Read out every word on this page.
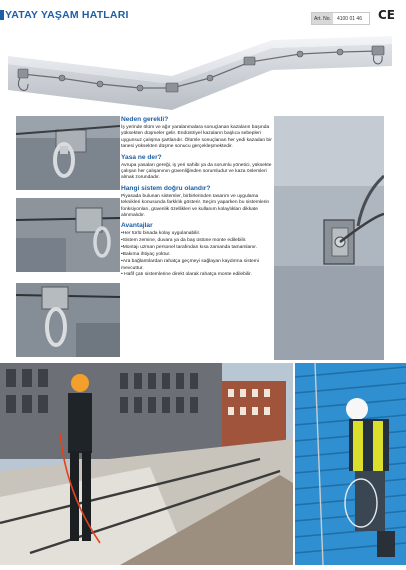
YATAY YAŞAM HATLARI	Art. No.	4100 01 46 CE
Neden gerekli?
İş yerinde ölüm ve ağır yaralanmalara sonuçlanan kazaların başında yüksekten düşmeler gelir. Endüstriyel kazaların başlıca sebepleri uygunsuz çalışma şartlarıdır. Ölümle sonuçlanan her yedi kazadan bir tanesi yüksekten düşme sonucu gerçekleşmektedir.
Yasa ne der?
Avrupa yasaları gereği, iş yeri sahibi ya da sorumlu yönetici, yüksekte çalışan her çalışanının güvenliğinden sorumludur ve kaza önlemleri almak zorundadır.
Hangi sistem doğru olandır?
Piyasada bulunan sistemler, birbirlerinden tasarım ve uygulama teknikleri konusunda farklılık gösterir. Seçim yaparken bu sistemlerin fonksiyonları, güvenlik özellikleri ve kullanım kolaylıkları dikkate alınmalıdır.
Avantajlar
•Her türlü binada kolay uygulanabilir.
•Sistem zemine, duvara ya da baş üstüne monte edilebilir.
•Montajı uzman personel tarafından kısa zamanda tamamlanır.
•Bakıma ihtiyaç yoktur.
•Ara bağlantılardan rahatça geçmeyi sağlayan kaydırma sistemi mevcuttur.
• Hafif çatı sistemlerine direkt olarak rahatça monte edilebilir.
